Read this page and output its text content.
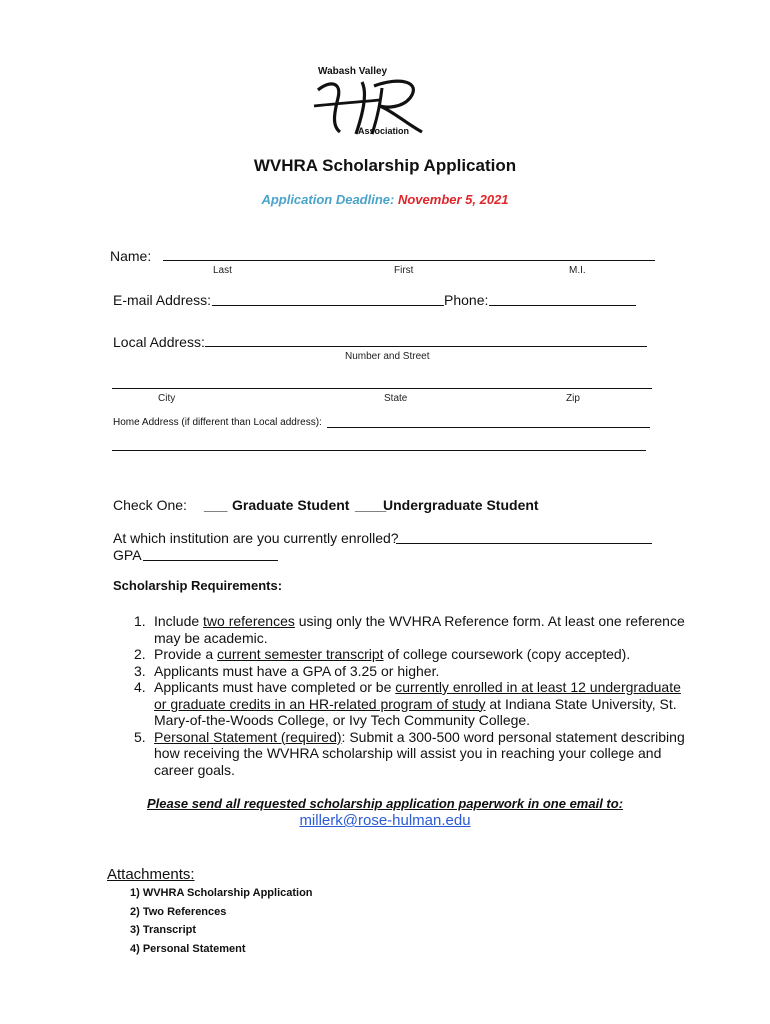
Wabash Valley
Association
WVHRA Scholarship Application
Application Deadline: November 5, 2021
Name:
Last	First	M.I.
E-mail Address:	Phone:
Local Address:
Number and Street
City	State	Zip
Home Address (if different than Local address):
Check One: ___ Graduate Student ____
Undergraduate Student
At which institution are you currently enrolled?
GPA
Scholarship Requirements:
1. Include two references using only the WVHRA Reference form. At least one reference may be academic.
2. Provide a current semester transcript of college coursework (copy accepted).
3. Applicants must have a GPA of 3.25 or higher.
4. Applicants must have completed or be currently enrolled in at least 12 undergraduate or graduate credits in an HR-related program of study at Indiana State University, St. Mary-of-the-Woods College, or Ivy Tech Community College.
5. Personal Statement (required): Submit a 300-500 word personal statement describing how receiving the WVHRA scholarship will assist you in reaching your college and career goals.
Please send all requested scholarship application paperwork in one email to:
millerk@rose-hulman.edu
Attachments:
1) WVHRA Scholarship Application
2) Two References
3) Transcript
4) Personal Statement
